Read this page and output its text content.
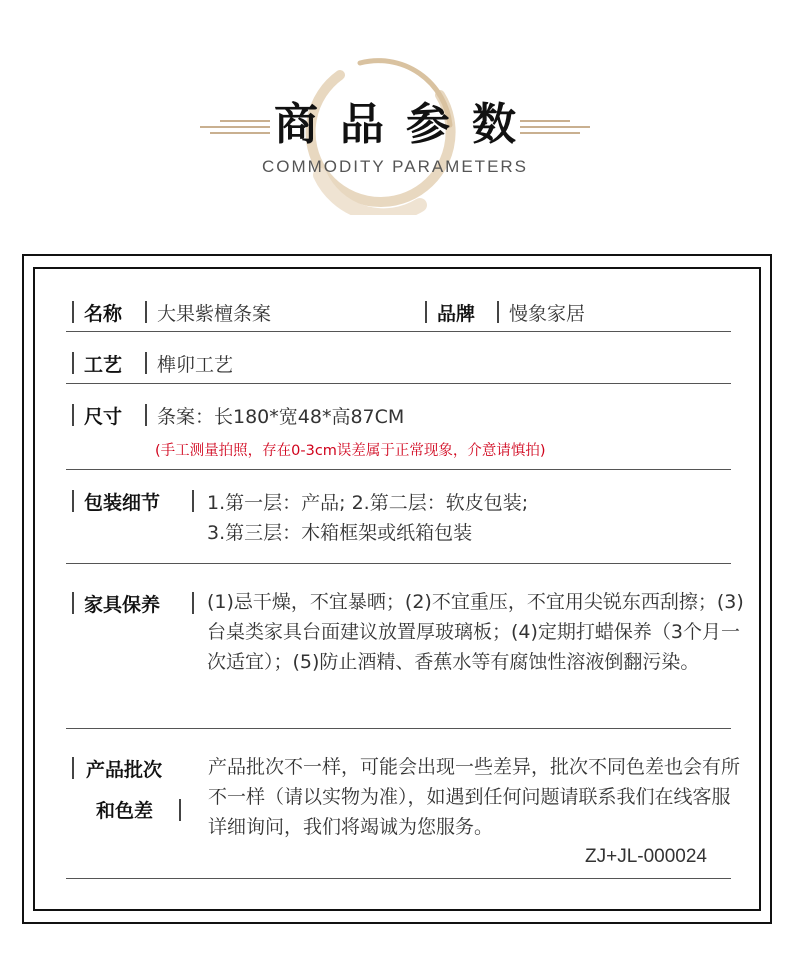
商品参数
COMMODITY PARAMETERS
名称 大果紫檀条案	品牌 慢象家居
工艺 榫卯工艺
尺寸 条案：长180*宽48*高87CM
(手工测量拍照，存在0-3cm误差属于正常现象，介意请慎拍)
包装细节 1.第一层：产品; 2.第二层：软皮包装;
3.第三层：木箱框架或纸箱包装
家具保养 (1)忌干燥，不宜暴晒；(2)不宜重压，不宜用尖锐东西刮擦；(3)台桌类家具台面建议放置厚玻璃板；(4)定期打蜡保养（3个月一次适宜）；(5)防止酒精、香蕉水等有腐蚀性溶液倒翻污染。
产品批次
和色差
产品批次不一样，可能会出现一些差异，批次不同色差也会有所不一样（请以实物为准），如遇到任何问题请联系我们在线客服详细询问，我们将竭诚为您服务。
ZJ+JL-000024
